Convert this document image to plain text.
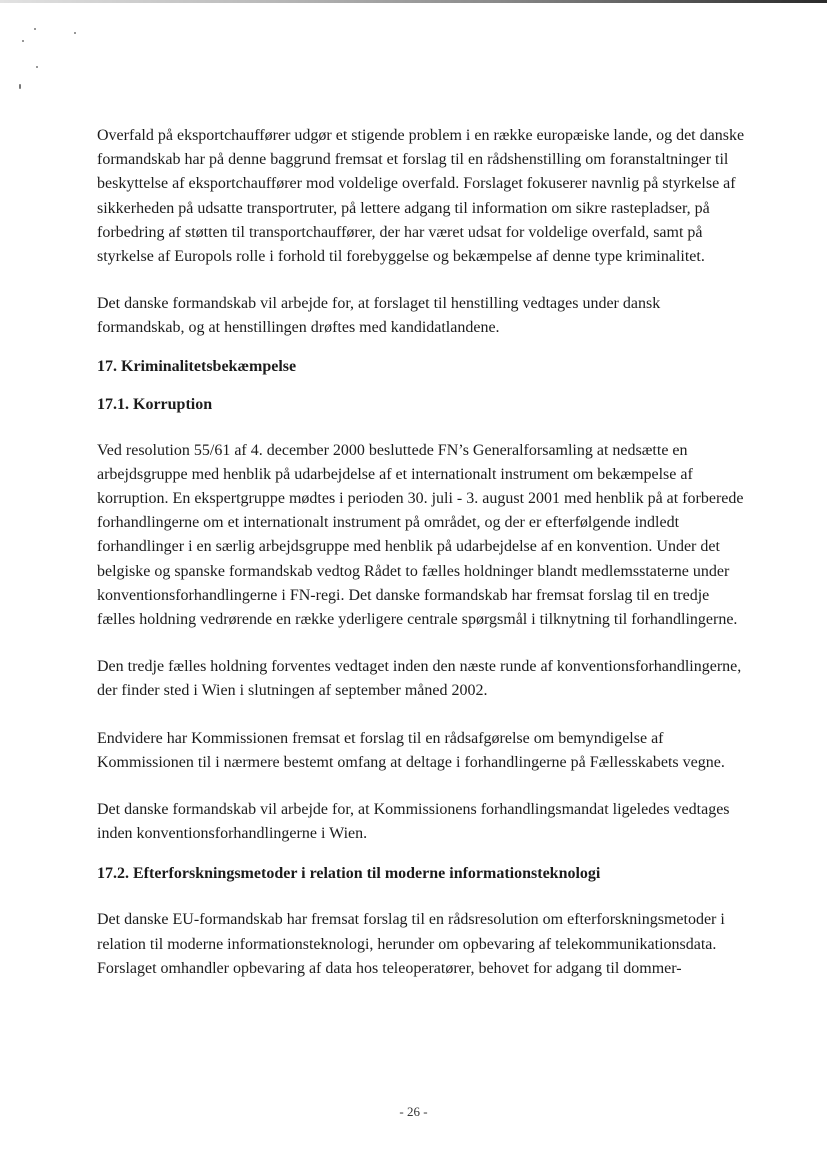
Overfald på eksportchauffører udgør et stigende problem i en række europæiske lande, og det danske formandskab har på denne baggrund fremsat et forslag til en rådshenstilling om foranstaltninger til beskyttelse af eksportchauffører mod voldelige overfald. Forslaget fokuserer navnlig på styrkelse af sikkerheden på udsatte transportruter, på lettere adgang til information om sikre rastepladser, på forbedring af støtten til transportchauffører, der har været udsat for voldelige overfald, samt på styrkelse af Europols rolle i forhold til forebyggelse og bekæmpelse af denne type kriminalitet.

Det danske formandskab vil arbejde for, at forslaget til henstilling vedtages under dansk formandskab, og at henstillingen drøftes med kandidatlandene.

17. Kriminalitetsbekæmpelse
17.1. Korruption

Ved resolution 55/61 af 4. december 2000 besluttede FN’s Generalforsamling at nedsætte en arbejdsgruppe med henblik på udarbejdelse af et internationalt instrument om bekæmpelse af korruption. En ekspertgruppe mødtes i perioden 30. juli - 3. august 2001 med henblik på at forberede forhandlingerne om et internationalt instrument på området, og der er efterfølgende indledt forhandlinger i en særlig arbejdsgruppe med henblik på udarbejdelse af en konvention. Under det belgiske og spanske formandskab vedtog Rådet to fælles holdninger blandt medlemsstaterne under konventionsforhandlingerne i FN-regi. Det danske formandskab har fremsat forslag til en tredje fælles holdning vedrørende en række yderligere centrale spørgsmål i tilknytning til forhandlingerne.

Den tredje fælles holdning forventes vedtaget inden den næste runde af konventionsforhandlingerne, der finder sted i Wien i slutningen af september måned 2002.

Endvidere har Kommissionen fremsat et forslag til en rådsafgørelse om bemyndigelse af Kommissionen til i nærmere bestemt omfang at deltage i forhandlingerne på Fællesskabets vegne.

Det danske formandskab vil arbejde for, at Kommissionens forhandlingsmandat ligeledes vedtages inden konventionsforhandlingerne i Wien.

17.2. Efterforskningsmetoder i relation til moderne informationsteknologi

Det danske EU-formandskab har fremsat forslag til en rådsresolution om efterforskningsmetoder i relation til moderne informationsteknologi, herunder om opbevaring af telekommunikationsdata. Forslaget omhandler opbevaring af data hos teleoperatører, behovet for adgang til dommer-

- 26 -
